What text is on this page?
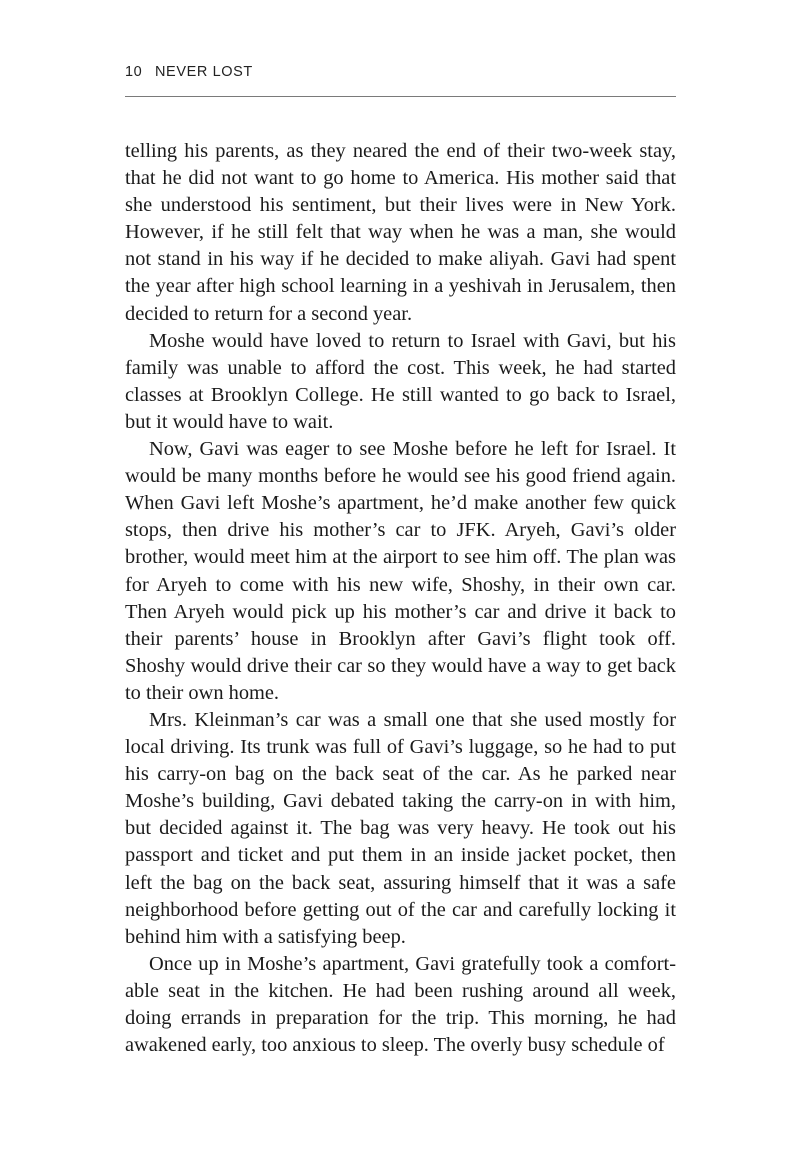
10 NEVER LOST

telling his parents, as they neared the end of their two-week stay, that he did not want to go home to America. His mother said that she understood his sentiment, but their lives were in New York. However, if he still felt that way when he was a man, she would not stand in his way if he decided to make aliyah. Gavi had spent the year after high school learning in a yeshivah in Jerusalem, then decided to return for a second year.

Moshe would have loved to return to Israel with Gavi, but his family was unable to afford the cost. This week, he had started classes at Brooklyn College. He still wanted to go back to Israel, but it would have to wait.

Now, Gavi was eager to see Moshe before he left for Israel. It would be many months before he would see his good friend again. When Gavi left Moshe’s apartment, he’d make another few quick stops, then drive his mother’s car to JFK. Aryeh, Gavi’s older brother, would meet him at the airport to see him off. The plan was for Aryeh to come with his new wife, Shoshy, in their own car. Then Aryeh would pick up his mother’s car and drive it back to their parents’ house in Brooklyn after Gavi’s flight took off. Shoshy would drive their car so they would have a way to get back to their own home.

Mrs. Kleinman’s car was a small one that she used mostly for local driving. Its trunk was full of Gavi’s luggage, so he had to put his carry-on bag on the back seat of the car. As he parked near Moshe’s building, Gavi debated taking the carry-on in with him, but decided against it. The bag was very heavy. He took out his passport and ticket and put them in an inside jacket pocket, then left the bag on the back seat, assuring himself that it was a safe neighborhood before getting out of the car and carefully locking it behind him with a satisfying beep.

Once up in Moshe’s apartment, Gavi gratefully took a comfortable seat in the kitchen. He had been rushing around all week, doing errands in preparation for the trip. This morning, he had awakened early, too anxious to sleep. The overly busy schedule of
